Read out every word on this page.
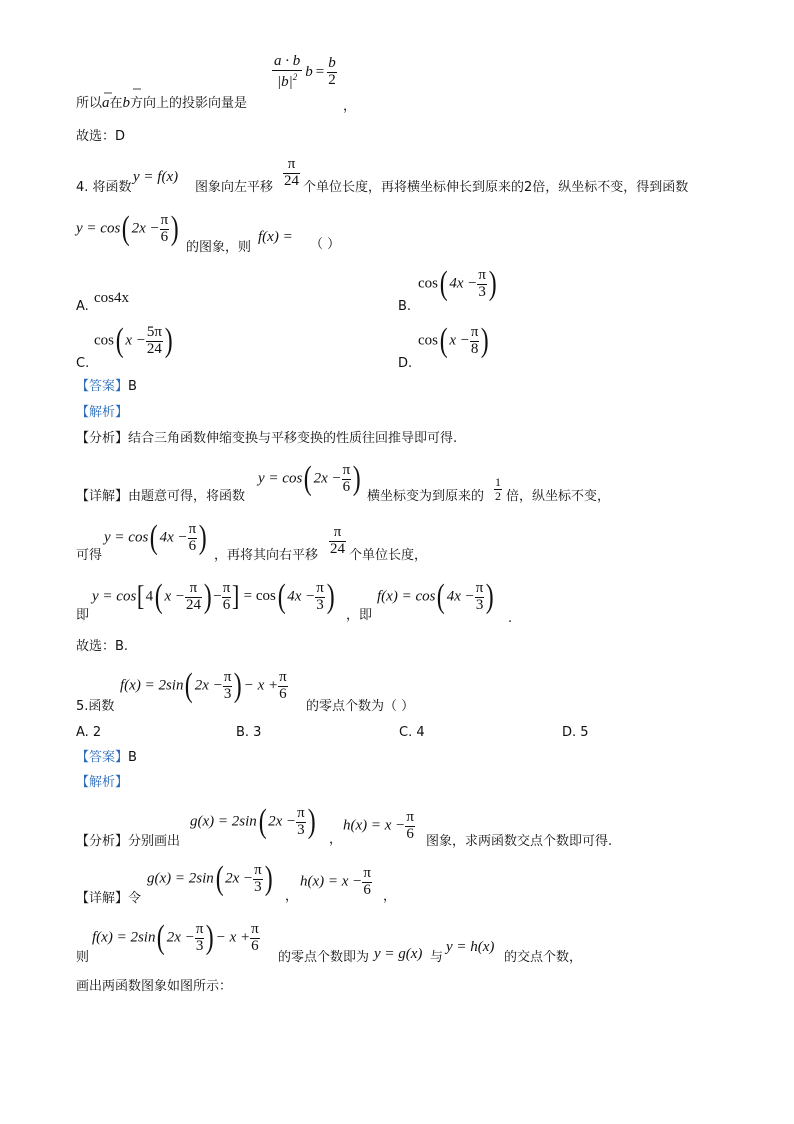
所以a在b方向上的投影向量是
$\frac{a \cdot b}{|b|^2}$ $b = \frac{b}{2}$
，
故选：D
4. 将函数
y = f(x)
图象向左平移 $\frac{\pi}{24}$ 个单位长度，再将横坐标伸长到原来的2倍，纵坐标不变，得到函数
y = cos( $2x - \frac{\pi}{6}$ )
的图象，则
f(x) = （ ）
A.
cos4x
B.
cos( $4x - \frac{\pi}{3}$ )
C.
cos( $x - \frac{5\pi}{24}$ )
D.
cos( $x - \frac{\pi}{8}$ )
【答案】B
【解析】
【分析】结合三角函数伸缩变换与平移变换的性质往回推导即可得.
【详解】由题意可得，将函数
y = cos( $2x - \frac{\pi}{6}$ ) 横坐标变为到原来的 $\frac{1}{2}$ 倍，纵坐标不变，
可得
y = cos( $4x - \frac{\pi}{6}$ ) ，再将其向右平移 $\frac{\pi}{24}$ 个单位长度，
即
y = cos[4( $x - \frac{\pi}{24}$ ) − $\frac{\pi}{6}$ ] = cos( $4x - \frac{\pi}{3}$ )
，即
f(x) = cos( $4x - \frac{\pi}{3}$ )
.
故选：B.
5.函数
f(x) = 2sin( $2x - \frac{\pi}{3}$ ) − $x + \frac{\pi}{6}$
的零点个数为（ ）
A. 2	B. 3	C. 4	D. 5
【答案】B
【解析】
【分析】分别画出
g(x) = 2sin( $2x - \frac{\pi}{3}$ ) ，
$h(x) = x - \frac{\pi}{6}$ 图象，求两函数交点个数即可得.
【详解】令
g(x) = 2sin( $2x - \frac{\pi}{3}$ ) ，
$h(x) = x - \frac{\pi}{6}$ ，
则
f(x) = 2sin( $2x - \frac{\pi}{3}$ ) − $x + \frac{\pi}{6}$
的零点个数即为 y = g(x) 与
y = h(x)
的交点个数，
画出两函数图象如图所示：
